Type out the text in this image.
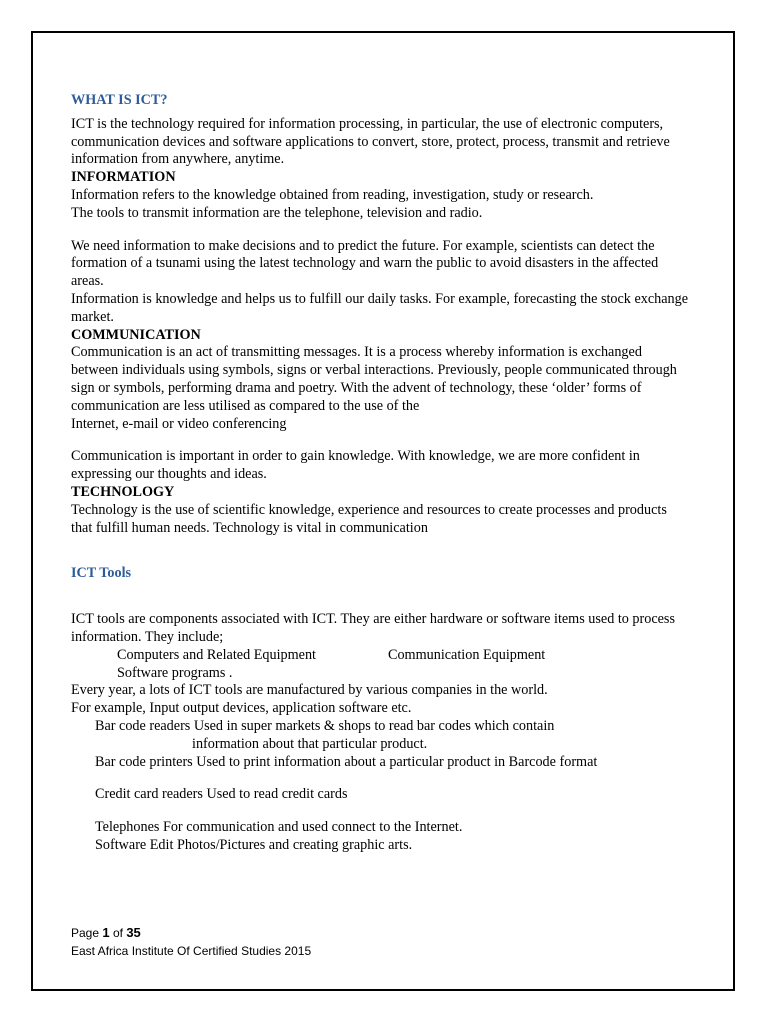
WHAT IS ICT?

ICT is the technology required for information processing, in particular, the use of electronic computers, communication devices and software applications to convert, store, protect, process, transmit and retrieve information from anywhere, anytime.

INFORMATION

Information refers to the knowledge obtained from reading, investigation, study or research.

The tools to transmit information are the telephone, television and radio.

We need information to make decisions and to predict the future. For example, scientists can detect the formation of a tsunami using the latest technology and warn the public to avoid disasters in the affected areas.

Information is knowledge and helps us to fulfill our daily tasks. For example, forecasting the stock exchange market.

COMMUNICATION

Communication is an act of transmitting messages. It is a process whereby information is exchanged between individuals using symbols, signs or verbal interactions. Previously, people communicated through sign or symbols, performing drama and poetry. With the advent of technology, these ‘older’ forms of communication are less utilised as compared to the use of the

Internet, e-mail or video conferencing

Communication is important in order to gain knowledge. With knowledge, we are more confident in expressing our thoughts and ideas.

TECHNOLOGY

Technology is the use of scientific knowledge, experience and resources to create processes and products that fulfill human needs. Technology is vital in communication

ICT Tools

ICT tools are components associated with ICT. They are either hardware or software items used to process information. They include;

Computers and Related Equipment	Communication Equipment

Software programs .

Every year, a lots of ICT tools are manufactured by various companies in the world.

For example, Input output devices, application software etc.

Bar code readers Used in super markets & shops to read bar codes which contain

information about that particular product.

Bar code printers Used to print information about a particular product in Barcode format

Credit card readers Used to read credit cards

Telephones For communication and used connect to the Internet.

Software Edit Photos/Pictures and creating graphic arts.

Page 1 of 35
East Africa Institute Of Certified Studies 2015
